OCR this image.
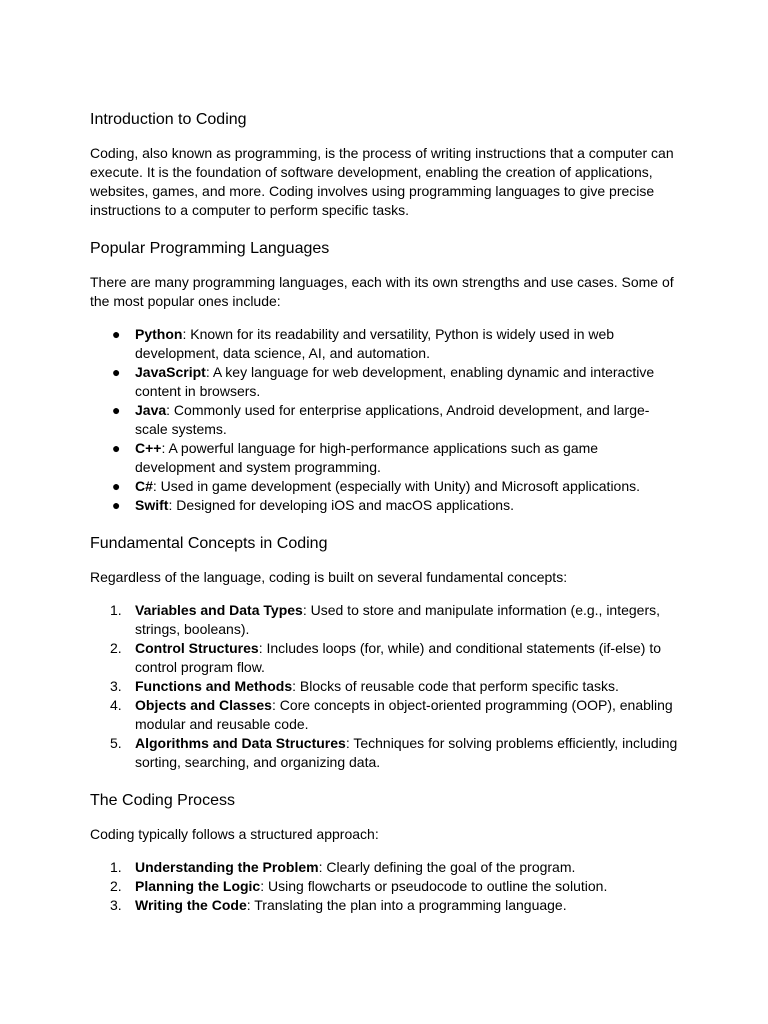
Introduction to Coding

Coding, also known as programming, is the process of writing instructions that a computer can execute. It is the foundation of software development, enabling the creation of applications, websites, games, and more. Coding involves using programming languages to give precise instructions to a computer to perform specific tasks.

Popular Programming Languages

There are many programming languages, each with its own strengths and use cases. Some of the most popular ones include:

● Python: Known for its readability and versatility, Python is widely used in web development, data science, AI, and automation.
● JavaScript: A key language for web development, enabling dynamic and interactive content in browsers.
● Java: Commonly used for enterprise applications, Android development, and large-scale systems.
● C++: A powerful language for high-performance applications such as game development and system programming.
● C#: Used in game development (especially with Unity) and Microsoft applications.
● Swift: Designed for developing iOS and macOS applications.
Fundamental Concepts in Coding

Regardless of the language, coding is built on several fundamental concepts:

1. Variables and Data Types: Used to store and manipulate information (e.g., integers, strings, booleans).
2. Control Structures: Includes loops (for, while) and conditional statements (if-else) to control program flow.
3. Functions and Methods: Blocks of reusable code that perform specific tasks.
4. Objects and Classes: Core concepts in object-oriented programming (OOP), enabling modular and reusable code.
5. Algorithms and Data Structures: Techniques for solving problems efficiently, including sorting, searching, and organizing data.
The Coding Process

Coding typically follows a structured approach:

1. Understanding the Problem: Clearly defining the goal of the program.
2. Planning the Logic: Using flowcharts or pseudocode to outline the solution.
3. Writing the Code: Translating the plan into a programming language.
